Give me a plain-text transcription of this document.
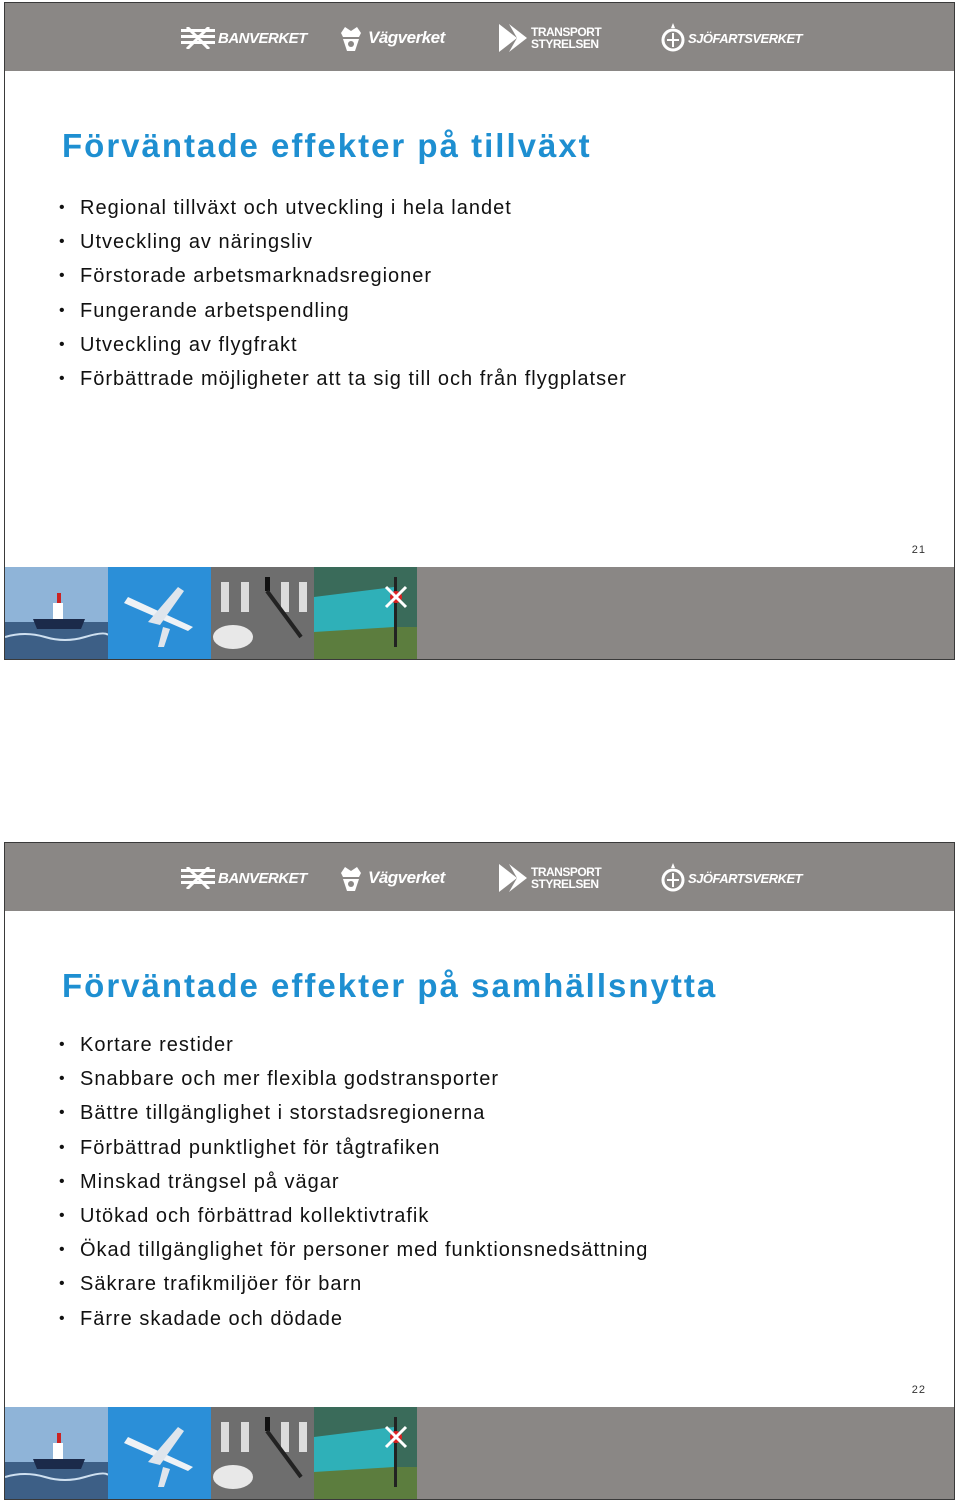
BANVERKET	Vägverket	TRANSPORT
STYRELSEN	SJÖFARTSVERKET
Förväntade effekter på tillväxt
• Regional tillväxt och utveckling i hela landet
• Utveckling av näringsliv
• Förstorade arbetsmarknadsregioner
• Fungerande arbetspendling
• Utveckling av flygfrakt
• Förbättrade möjligheter att ta sig till och från flygplatser
21
BANVERKET	Vägverket	TRANSPORT
STYRELSEN	SJÖFARTSVERKET
Förväntade effekter på samhällsnytta
• Kortare restider
• Snabbare och mer flexibla godstransporter
• Bättre tillgänglighet i storstadsregionerna
• Förbättrad punktlighet för tågtrafiken
• Minskad trängsel på vägar
• Utökad och förbättrad kollektivtrafik
• Ökad tillgänglighet för personer med funktionsnedsättning
• Säkrare trafikmiljöer för barn
• Färre skadade och dödade
22
